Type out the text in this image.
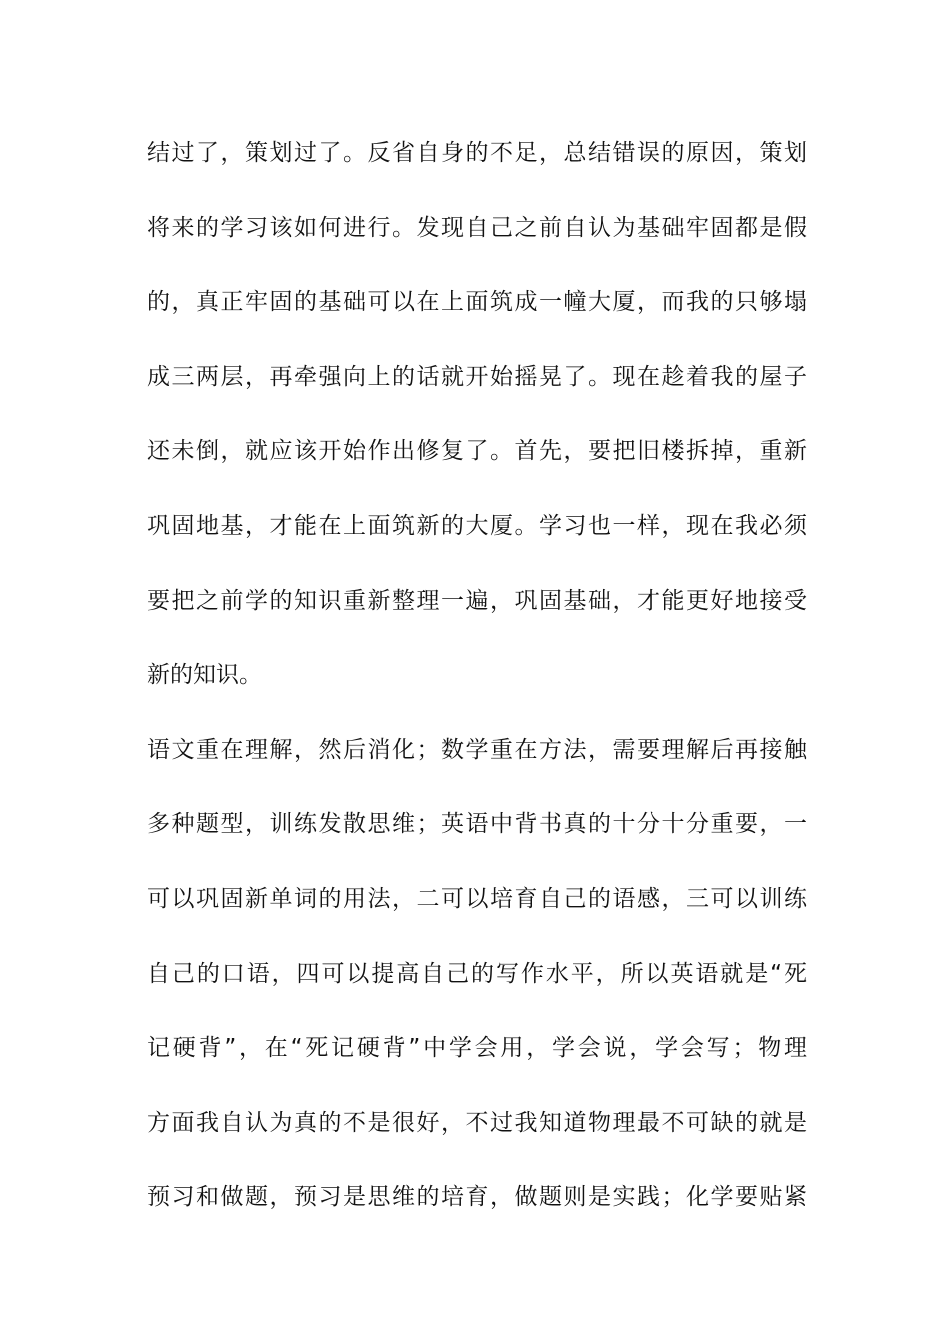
结过了，策划过了。反省自身的不足，总结错误的原因，策划
将来的学习该如何进行。发现自己之前自认为基础牢固都是假
的，真正牢固的基础可以在上面筑成一幢大厦，而我的只够塌
成三两层，再牵强向上的话就开始摇晃了。现在趁着我的屋子
还未倒，就应该开始作出修复了。首先，要把旧楼拆掉，重新
巩固地基，才能在上面筑新的大厦。学习也一样，现在我必须
要把之前学的知识重新整理一遍，巩固基础，才能更好地接受
新的知识。
语文重在理解，然后消化；数学重在方法，需要理解后再接触
多种题型，训练发散思维；英语中背书真的十分十分重要，一
可以巩固新单词的用法，二可以培育自己的语感，三可以训练
自己的口语，四可以提高自己的写作水平，所以英语就是“死
记硬背”，在“死记硬背”中学会用，学会说，学会写；物理
方面我自认为真的不是很好，不过我知道物理最不可缺的就是
预习和做题，预习是思维的培育，做题则是实践；化学要贴紧
